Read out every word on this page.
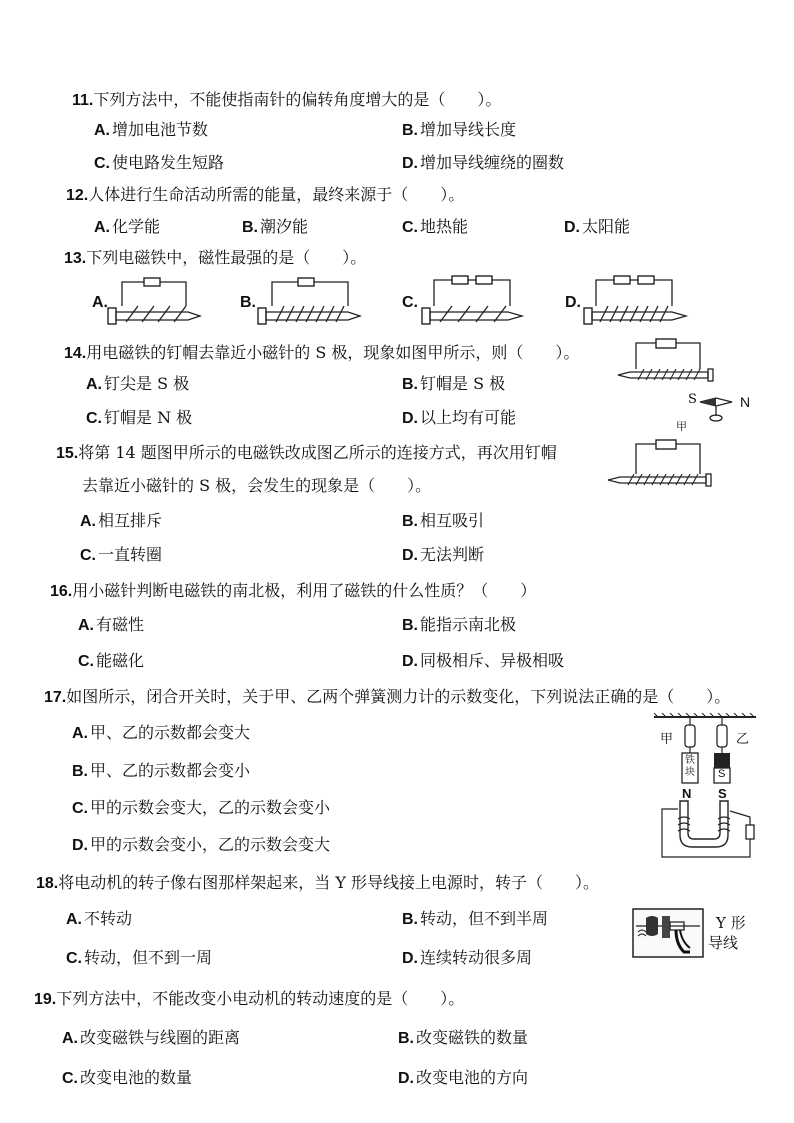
11.下列方法中，不能使指南针的偏转角度增大的是（　　）。
A. 增加电池节数	B. 增加导线长度
C. 使电路发生短路	D. 增加导线缠绕的圈数
12.人体进行生命活动所需的能量，最终来源于（　　）。
A. 化学能	B. 潮汐能	C. 地热能	D. 太阳能
13.下列电磁铁中，磁性最强的是（　　）。
A.	B.	C.	D.
14.用电磁铁的钉帽去靠近小磁针的 S 极，现象如图甲所示，则（　　）。
A. 钉尖是 S 极	B. 钉帽是 S 极
C. 钉帽是 N 极	D. 以上均有可能
S	N
甲
15.将第 14 题图甲所示的电磁铁改成图乙所示的连接方式，再次用钉帽
去靠近小磁针的 S 极，会发生的现象是（　　）。
A. 相互排斥	B. 相互吸引
C. 一直转圈	D. 无法判断
16.用小磁针判断电磁铁的南北极，利用了磁铁的什么性质？（　　）
A. 有磁性	B. 能指示南北极
C. 能磁化	D. 同极相斥、异极相吸
17.如图所示，闭合开关时，关于甲、乙两个弹簧测力计的示数变化，下列说法正确的是（　　）。
A. 甲、乙的示数都会变大
B. 甲、乙的示数都会变小
C. 甲的示数会变大，乙的示数会变小
D. 甲的示数会变小，乙的示数会变大
甲	乙
铁块 S
N S
18.将电动机的转子像右图那样架起来，当 Y 形导线接上电源时，转子（　　）。
A. 不转动	B. 转动，但不到半周
C. 转动，但不到一周	D. 连续转动很多周
Y 形
导线
19.下列方法中，不能改变小电动机的转动速度的是（　　）。
A. 改变磁铁与线圈的距离	B. 改变磁铁的数量
C. 改变电池的数量	D. 改变电池的方向
